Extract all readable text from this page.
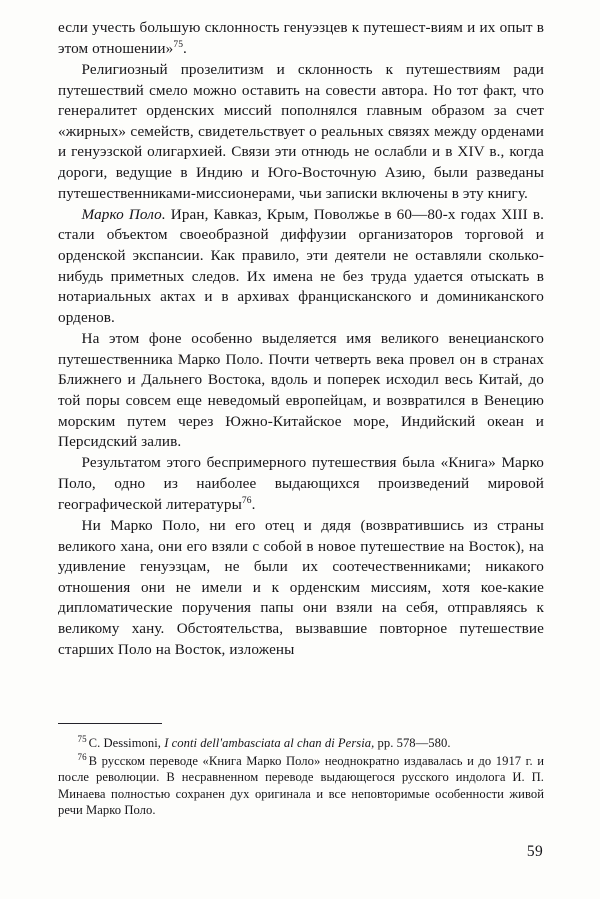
если учесть большую склонность генуэзцев к путешест-виям и их опыт в этом отношении»$^{75}$.

Религиозный прозелитизм и склонность к путешествиям ради путешествий смело можно оставить на совести автора. Но тот факт, что генералитет орденских миссий пополнялся главным образом за счет «жирных» семейств, свидетельствует о реальных связях между орденами и генуэзской олигархией. Связи эти отнюдь не ослабли и в XIV в., когда дороги, ведущие в Индию и Юго-Восточную Азию, были разведаны путешественниками-миссионерами, чьи записки включены в эту книгу.

Марко Поло. Иран, Кавказ, Крым, Поволжье в 60—80-х годах XIII в. стали объектом своеобразной диффузии организаторов торговой и орденской экспансии. Как правило, эти деятели не оставляли сколько-нибудь приметных следов. Их имена не без труда удается отыскать в нотариальных актах и в архивах францисканского и доминиканского орденов.

На этом фоне особенно выделяется имя великого венецианского путешественника Марко Поло. Почти четверть века провел он в странах Ближнего и Дальнего Востока, вдоль и поперек исходил весь Китай, до той поры совсем еще неведомый европейцам, и возвратился в Венецию морским путем через Южно-Китайское море, Индийский океан и Персидский залив.

Результатом этого беспримерного путешествия была «Книга» Марко Поло, одно из наиболее выдающихся произведений мировой географической литературы$^{76}$.

Ни Марко Поло, ни его отец и дядя (возвратившись из страны великого хана, они его взяли с собой в новое путешествие на Восток), на удивление генуэзцам, не были их соотечественниками; никакого отношения они не имели и к орденским миссиям, хотя кое-какие дипломатические поручения папы они взяли на себя, отправляясь к великому хану. Обстоятельства, вызвавшие повторное путешествие старших Поло на Восток, изложены

$^{75}$ C. Dessimoni, I conti dell'ambasciata al chan di Persia, pp. 578—580.

$^{76}$ В русском переводе «Книга Марко Поло» неоднократно издавалась и до 1917 г. и после революции. В несравненном переводе выдающегося русского индолога И. П. Минаева полностью сохранен дух оригинала и все неповторимые особенности живой речи Марко Поло.

59
